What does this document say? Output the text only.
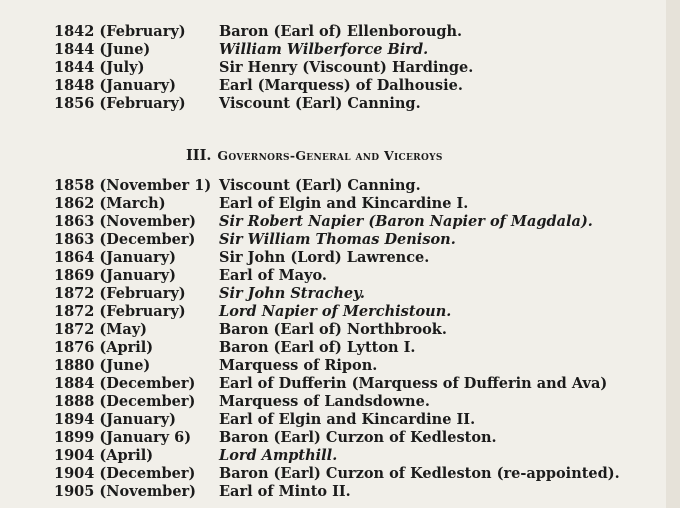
1842 (February) Baron (Earl of) Ellenborough.
1844 (June)	William Wilberforce Bird.
1844 (July)	Sir Henry (Viscount) Hardinge.
1848 (January)	Earl (Marquess) of Dalhousie.
1856 (February) Viscount (Earl) Canning.
III. Governors-General and Viceroys
1858 (November 1) Viscount (Earl) Canning.
1862 (March)	Earl of Elgin and Kincardine I.
1863 (November) Sir Robert Napier (Baron Napier of Magdala).
1863 (December) Sir William Thomas Denison.
1864 (January)	Sir John (Lord) Lawrence.
1869 (January)	Earl of Mayo.
1872 (February) Sir John Strachey.
1872 (February) Lord Napier of Merchistoun.
1872 (May)	Baron (Earl of) Northbrook.
1876 (April)	Baron (Earl of) Lytton I.
1880 (June)	Marquess of Ripon.
1884 (December) Earl of Dufferin (Marquess of Dufferin and Ava)
1888 (December) Marquess of Landsdowne.
1894 (January)	Earl of Elgin and Kincardine II.
1899 (January 6) Baron (Earl) Curzon of Kedleston.
1904 (April)	Lord Ampthill.
1904 (December) Baron (Earl) Curzon of Kedleston (re-appointed).
1905 (November) Earl of Minto II.
